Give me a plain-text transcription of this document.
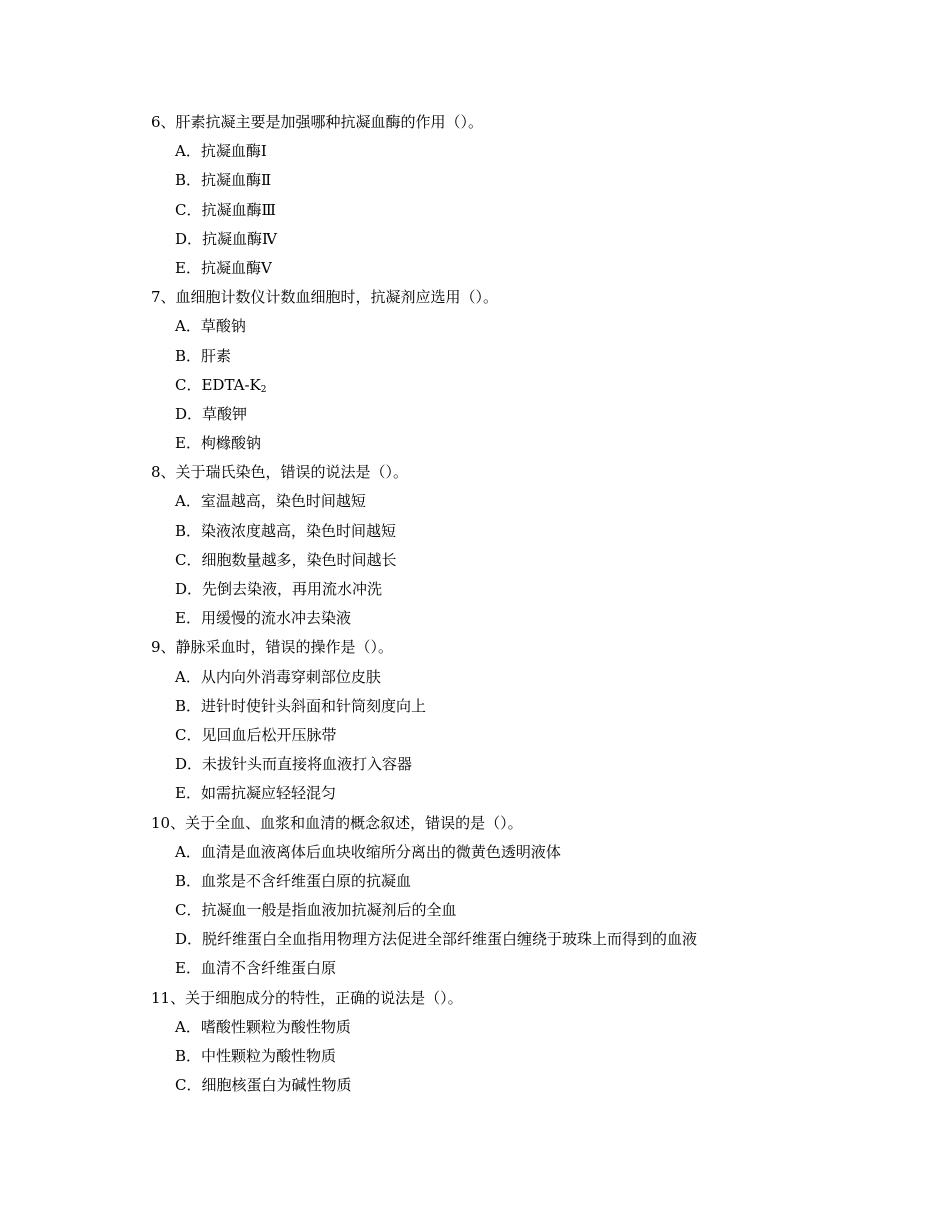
6、肝素抗凝主要是加强哪种抗凝血酶的作用（）。
A．抗凝血酶Ⅰ
B．抗凝血酶Ⅱ
C．抗凝血酶Ⅲ
D．抗凝血酶Ⅳ
E．抗凝血酶Ⅴ
7、血细胞计数仪计数血细胞时，抗凝剂应选用（）。
A．草酸钠
B．肝素
C．EDTA-$K_2$
D．草酸钾
E．枸橼酸钠
8、关于瑞氏染色，错误的说法是（）。
A．室温越高，染色时间越短
B．染液浓度越高，染色时间越短
C．细胞数量越多，染色时间越长
D．先倒去染液，再用流水冲洗
E．用缓慢的流水冲去染液
9、静脉采血时，错误的操作是（）。
A．从内向外消毒穿刺部位皮肤
B．进针时使针头斜面和针筒刻度向上
C．见回血后松开压脉带
D．未拔针头而直接将血液打入容器
E．如需抗凝应轻轻混匀
10、关于全血、血浆和血清的概念叙述，错误的是（）。
A．血清是血液离体后血块收缩所分离出的微黄色透明液体
B．血浆是不含纤维蛋白原的抗凝血
C．抗凝血一般是指血液加抗凝剂后的全血
D．脱纤维蛋白全血指用物理方法促进全部纤维蛋白缠绕于玻珠上而得到的血液
E．血清不含纤维蛋白原
11、关于细胞成分的特性，正确的说法是（）。
A．嗜酸性颗粒为酸性物质
B．中性颗粒为酸性物质
C．细胞核蛋白为碱性物质
